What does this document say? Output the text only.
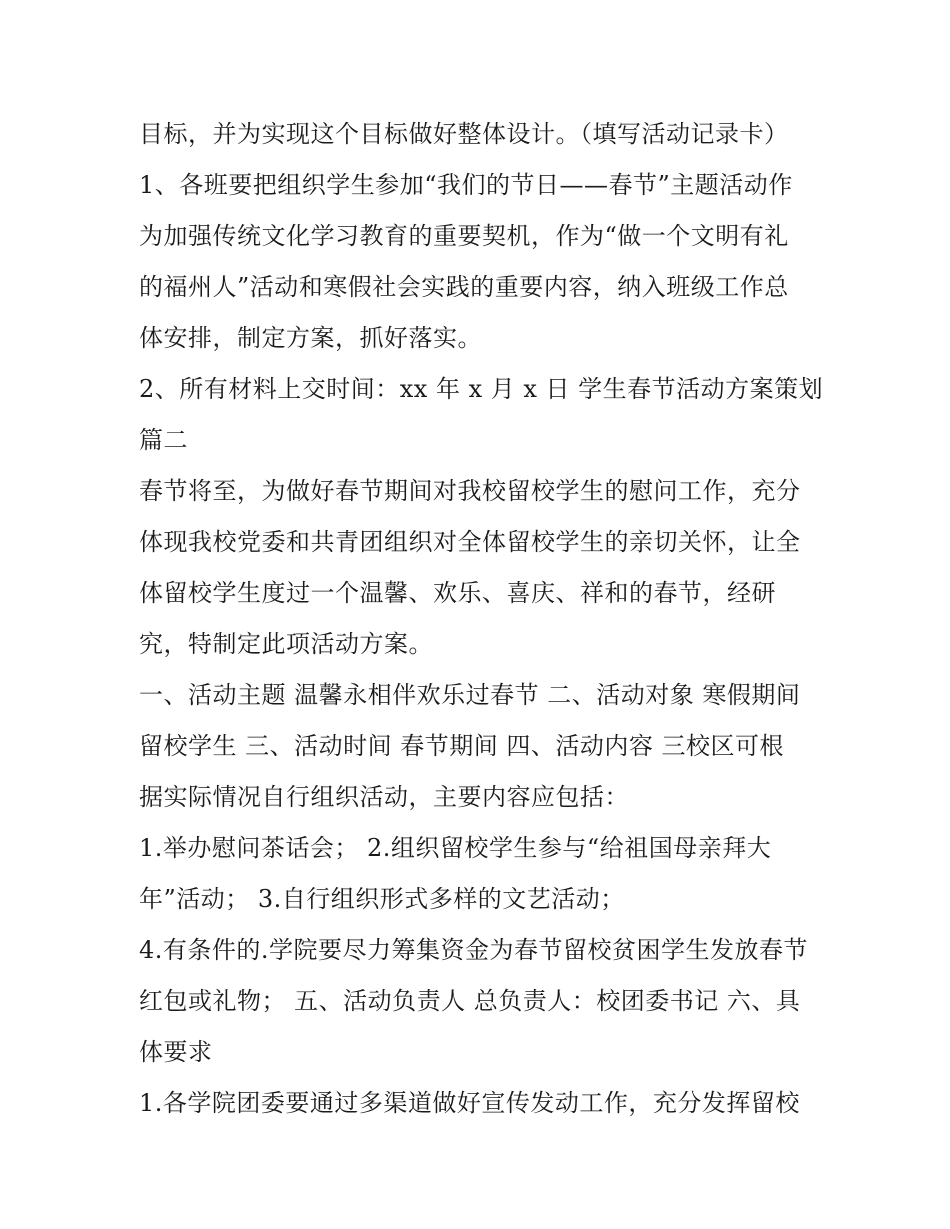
目标，并为实现这个目标做好整体设计。（填写活动记录卡）
1、各班要把组织学生参加“我们的节日——春节”主题活动作
为加强传统文化学习教育的重要契机，作为“做一个文明有礼
的福州人”活动和寒假社会实践的重要内容，纳入班级工作总
体安排，制定方案，抓好落实。
2、所有材料上交时间：xx 年 x 月 x 日 学生春节活动方案策划
篇二
春节将至，为做好春节期间对我校留校学生的慰问工作，充分
体现我校党委和共青团组织对全体留校学生的亲切关怀，让全
体留校学生度过一个温馨、欢乐、喜庆、祥和的春节，经研
究，特制定此项活动方案。
一、活动主题 温馨永相伴欢乐过春节 二、活动对象 寒假期间
留校学生 三、活动时间 春节期间 四、活动内容 三校区可根
据实际情况自行组织活动，主要内容应包括：
1.举办慰问茶话会； 2.组织留校学生参与“给祖国母亲拜大
年”活动； 3.自行组织形式多样的文艺活动；
4.有条件的.学院要尽力筹集资金为春节留校贫困学生发放春节
红包或礼物； 五、活动负责人 总负责人：校团委书记 六、具
体要求
1.各学院团委要通过多渠道做好宣传发动工作，充分发挥留校
